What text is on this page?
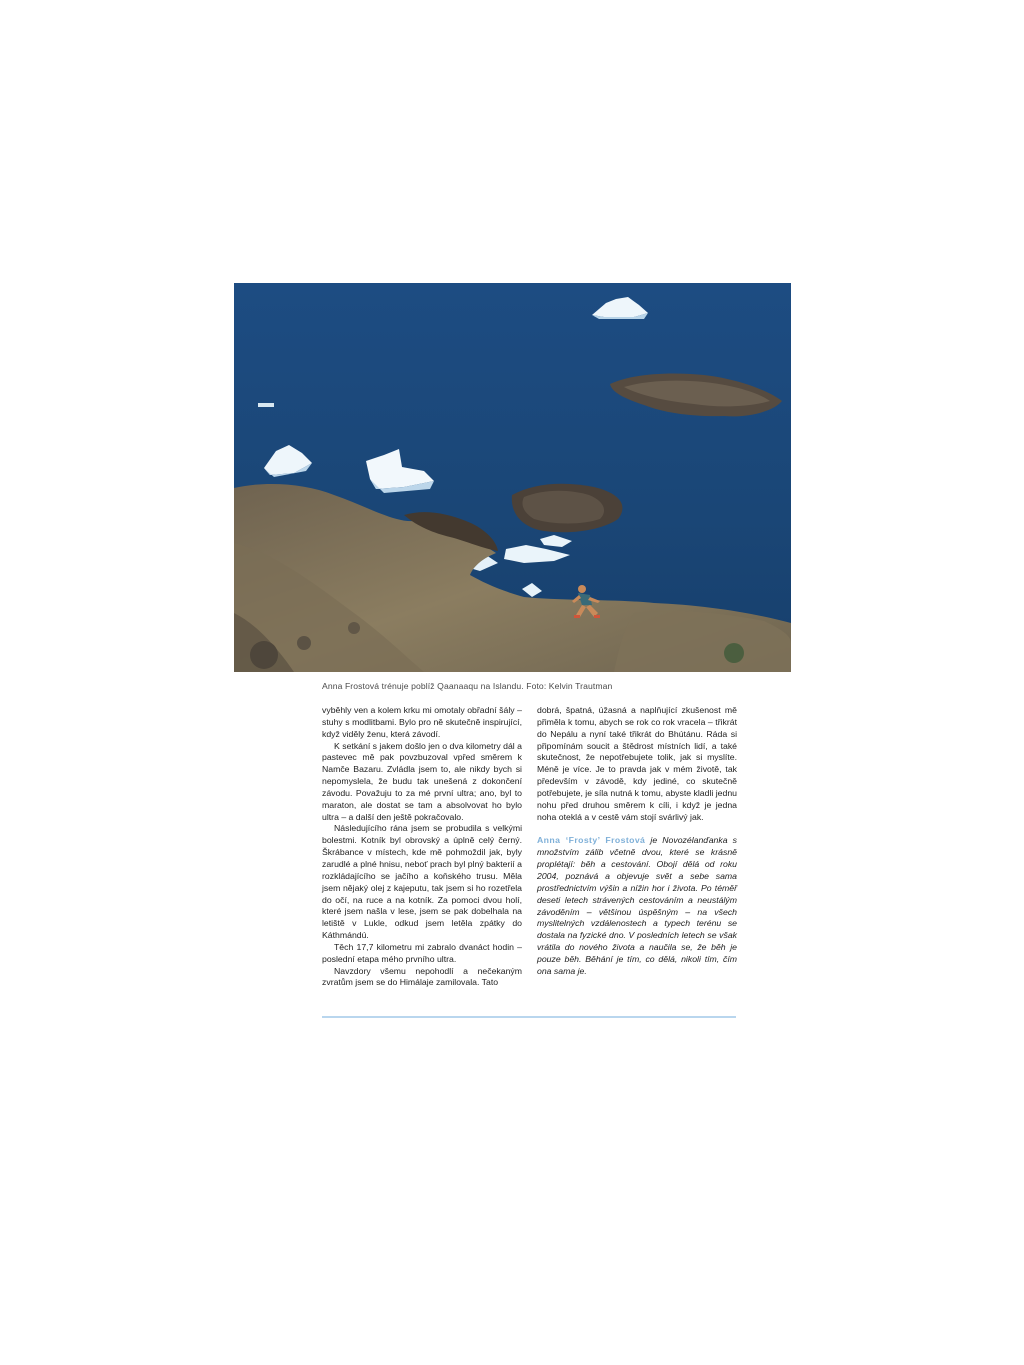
Anna Frostová trénuje poblíž Qaanaaqu na Islandu. Foto: Kelvin Trautman

vyběhly ven a kolem krku mi omotaly obřadní šály – stuhy s modlitbami. Bylo pro ně skutečně inspirující, když viděly ženu, která závodí.

K setkání s jakem došlo jen o dva kilometry dál a pastevec mě pak povzbuzoval vpřed směrem k Namče Bazaru. Zvládla jsem to, ale nikdy bych si nepomyslela, že budu tak unešená z dokončení závodu. Považuju to za mé první ultra; ano, byl to maraton, ale dostat se tam a absolvovat ho bylo ultra – a další den ještě pokračovalo.

Následujícího rána jsem se probudila s velkými bolestmi. Kotník byl obrovský a úplně celý černý. Škrábance v místech, kde mě pohmoždil jak, byly zarudlé a plné hnisu, neboť prach byl plný bakterií a rozkládajícího se jačího a koňského trusu. Měla jsem nějaký olej z kajeputu, tak jsem si ho rozetřela do očí, na ruce a na kotník. Za pomoci dvou holí, které jsem našla v lese, jsem se pak dobelhala na letiště v Lukle, odkud jsem letěla zpátky do Káthmándú.

Těch 17,7 kilometru mi zabralo dvanáct hodin – poslední etapa mého prvního ultra.

Navzdory všemu nepohodlí a nečekaným zvratům jsem se do Himálaje zamilovala. Tato

dobrá, špatná, úžasná a naplňující zkušenost mě přiměla k tomu, abych se rok co rok vracela – třikrát do Nepálu a nyní také třikrát do Bhútánu. Ráda si připomínám soucit a štědrost místních lidí, a také skutečnost, že nepotřebujete tolik, jak si myslíte. Méně je více. Je to pravda jak v mém životě, tak především v závodě, kdy jediné, co skutečně potřebujete, je síla nutná k tomu, abyste kladli jednu nohu před druhou směrem k cíli, i když je jedna noha oteklá a v cestě vám stojí svárlivý jak.

Anna ‘Frosty’ Frostová je Novozélanďanka s množstvím zálib včetně dvou, které se krásně proplétají: běh a cestování. Obojí dělá od roku 2004, poznává a objevuje svět a sebe sama prostřednictvím výšin a nížin hor i života. Po téměř deseti letech strávených cestováním a neustálým závoděním – většinou úspěšným – na všech myslitelných vzdálenostech a typech terénu se dostala na fyzické dno. V posledních letech se však vrátila do nového života a naučila se, že běh je pouze běh. Běhání je tím, co dělá, nikoli tím, čím ona sama je.
